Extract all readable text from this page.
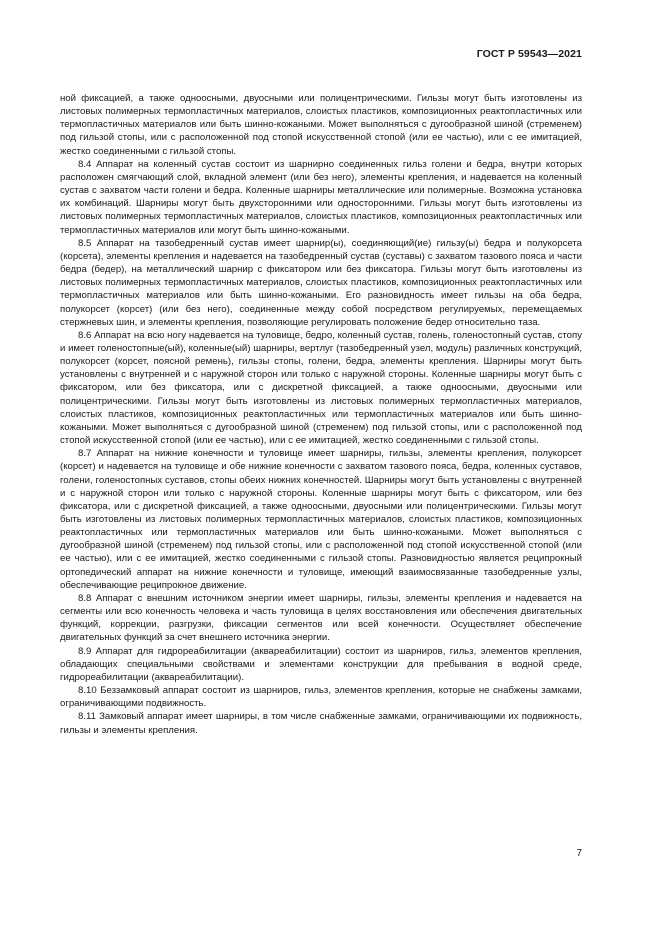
ГОСТ Р 59543—2021

ной фиксацией, а также одноосными, двуосными или полицентрическими. Гильзы могут быть изготовлены из листовых полимерных термопластичных материалов, слоистых пластиков, композиционных реактопластичных или термопластичных материалов или быть шинно-кожаными. Может выполняться с дугообразной шиной (стременем) под гильзой стопы, или с расположенной под стопой искусственной стопой (или ее частью), или с ее имитацией, жестко соединенными с гильзой стопы.

8.4 Аппарат на коленный сустав состоит из шарнирно соединенных гильз голени и бедра, внутри которых расположен смягчающий слой, вкладной элемент (или без него), элементы крепления, и надевается на коленный сустав с захватом части голени и бедра. Коленные шарниры металлические или полимерные. Возможна установка их комбинаций. Шарниры могут быть двухсторонними или односторонними. Гильзы могут быть изготовлены из листовых полимерных термопластичных материалов, слоистых пластиков, композиционных реактопластичных или термопластичных материалов или могут быть шинно-кожаными.

8.5 Аппарат на тазобедренный сустав имеет шарнир(ы), соединяющий(ие) гильзу(ы) бедра и полукорсета (корсета), элементы крепления и надевается на тазобедренный сустав (суставы) с захватом тазового пояса и части бедра (бедер), на металлический шарнир с фиксатором или без фиксатора. Гильзы могут быть изготовлены из листовых полимерных термопластичных материалов, слоистых пластиков, композиционных реактопластичных или термопластичных материалов или быть шинно-кожаными. Его разновидность имеет гильзы на оба бедра, полукорсет (корсет) (или без него), соединенные между собой посредством регулируемых, перемещаемых стержневых шин, и элементы крепления, позволяющие регулировать положение бедер относительно таза.

8.6 Аппарат на всю ногу надевается на туловище, бедро, коленный сустав, голень, голеностопный сустав, стопу и имеет голеностопные(ый), коленные(ый) шарниры, вертлуг (тазобедренный узел, модуль) различных конструкций, полукорсет (корсет, поясной ремень), гильзы стопы, голени, бедра, элементы крепления. Шарниры могут быть установлены с внутренней и с наружной сторон или только с наружной стороны. Коленные шарниры могут быть с фиксатором, или без фиксатора, или с дискретной фиксацией, а также одноосными, двуосными или полицентрическими. Гильзы могут быть изготовлены из листовых полимерных термопластичных материалов, слоистых пластиков, композиционных реактопластичных или термопластичных материалов или быть шинно-кожаными. Может выполняться с дугообразной шиной (стременем) под гильзой стопы, или с расположенной под стопой искусственной стопой (или ее частью), или с ее имитацией, жестко соединенными с гильзой стопы.

8.7 Аппарат на нижние конечности и туловище имеет шарниры, гильзы, элементы крепления, полукорсет (корсет) и надевается на туловище и обе нижние конечности с захватом тазового пояса, бедра, коленных суставов, голени, голеностопных суставов, стопы обеих нижних конечностей. Шарниры могут быть установлены с внутренней и с наружной сторон или только с наружной стороны. Коленные шарниры могут быть с фиксатором, или без фиксатора, или с дискретной фиксацией, а также одноосными, двуосными или полицентрическими. Гильзы могут быть изготовлены из листовых полимерных термопластичных материалов, слоистых пластиков, композиционных реактопластичных или термопластичных материалов или быть шинно-кожаными. Может выполняться с дугообразной шиной (стременем) под гильзой стопы, или с расположенной под стопой искусственной стопой (или ее частью), или с ее имитацией, жестко соединенными с гильзой стопы. Разновидностью является реципрокный ортопедический аппарат на нижние конечности и туловище, имеющий взаимосвязанные тазобедренные узлы, обеспечивающие реципрокное движение.

8.8 Аппарат с внешним источником энергии имеет шарниры, гильзы, элементы крепления и надевается на сегменты или всю конечность человека и часть туловища в целях восстановления или обеспечения двигательных функций, коррекции, разгрузки, фиксации сегментов или всей конечности. Осуществляет обеспечение двигательных функций за счет внешнего источника энергии.

8.9 Аппарат для гидрореабилитации (аквареабилитации) состоит из шарниров, гильз, элементов крепления, обладающих специальными свойствами и элементами конструкции для пребывания в водной среде, гидрореабилитации (аквареабилитации).

8.10 Беззамковый аппарат состоит из шарниров, гильз, элементов крепления, которые не снабжены замками, ограничивающими подвижность.

8.11 Замковый аппарат имеет шарниры, в том числе снабженные замками, ограничивающими их подвижность, гильзы и элементы крепления.

7
